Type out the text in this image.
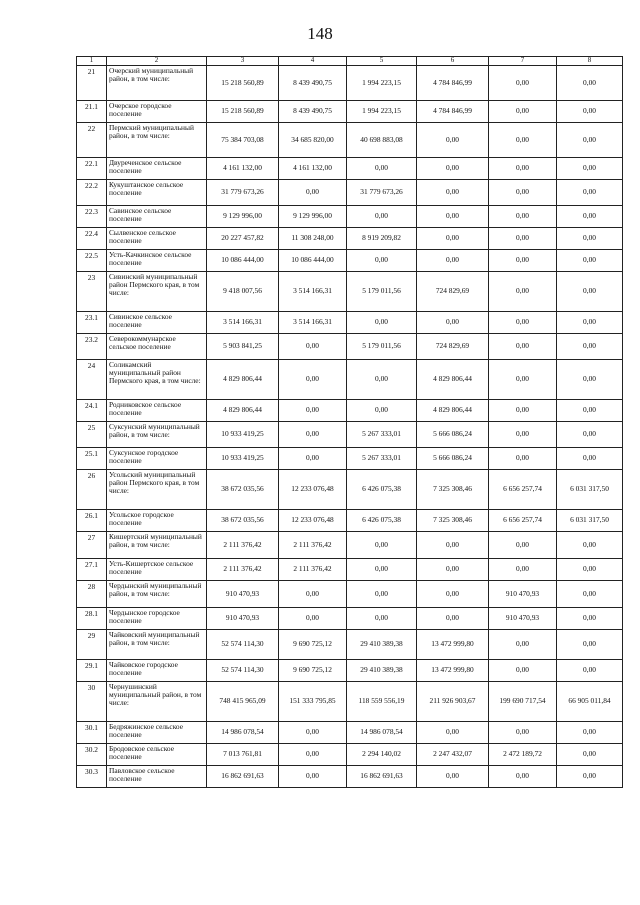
148
1	2	3	4	5	6	7	8
21	Очерский муниципальный район, в том числе:	15 218 560,89	8 439 490,75	1 994 223,15	4 784 846,99	0,00	0,00
21.1	Очерское городское поселение	15 218 560,89	8 439 490,75	1 994 223,15	4 784 846,99	0,00	0,00
22	Пермский муниципальный район, в том числе:	75 384 703,08	34 685 820,00	40 698 883,08	0,00	0,00	0,00
22.1	Двуреченское сельское поселение	4 161 132,00	4 161 132,00	0,00	0,00	0,00	0,00
22.2	Кукуштанское сельское поселение	31 779 673,26	0,00	31 779 673,26	0,00	0,00	0,00
22.3	Савинское сельское поселение	9 129 996,00	9 129 996,00	0,00	0,00	0,00	0,00
22.4	Сылвенское сельское поселение	20 227 457,82	11 308 248,00	8 919 209,82	0,00	0,00	0,00
22.5	Усть-Качкинское сельское поселение	10 086 444,00	10 086 444,00	0,00	0,00	0,00	0,00
23	Сивинский муниципальный район Пермского края, в том числе:	9 418 007,56	3 514 166,31	5 179 011,56	724 829,69	0,00	0,00
23.1	Сивинское сельское поселение	3 514 166,31	3 514 166,31	0,00	0,00	0,00	0,00
23.2	Северокоммунарское сельское поселение	5 903 841,25	0,00	5 179 011,56	724 829,69	0,00	0,00
24	Соликамский муниципальный район Пермского края, в том числе:	4 829 806,44	0,00	0,00	4 829 806,44	0,00	0,00
24.1	Родниковское сельское поселение	4 829 806,44	0,00	0,00	4 829 806,44	0,00	0,00
25	Суксунский муниципальный район, в том числе:	10 933 419,25	0,00	5 267 333,01	5 666 086,24	0,00	0,00
25.1	Суксунское городское поселение	10 933 419,25	0,00	5 267 333,01	5 666 086,24	0,00	0,00
26	Усольский муниципальный район Пермского края, в том числе:	38 672 035,56	12 233 076,48	6 426 075,38	7 325 308,46	6 656 257,74	6 031 317,50
26.1	Усольское городское поселение	38 672 035,56	12 233 076,48	6 426 075,38	7 325 308,46	6 656 257,74	6 031 317,50
27	Кишертский муниципальный район, в том числе:	2 111 376,42	2 111 376,42	0,00	0,00	0,00	0,00
27.1	Усть-Кишертское сельское поселение	2 111 376,42	2 111 376,42	0,00	0,00	0,00	0,00
28	Чердынский муниципальный район, в том числе:	910 470,93	0,00	0,00	0,00	910 470,93	0,00
28.1	Чердынское городское поселение	910 470,93	0,00	0,00	0,00	910 470,93	0,00
29	Чайковский муниципальный район, в том числе:	52 574 114,30	9 690 725,12	29 410 389,38	13 472 999,80	0,00	0,00
29.1	Чайковское городское поселение	52 574 114,30	9 690 725,12	29 410 389,38	13 472 999,80	0,00	0,00
30	Чернушинский муниципальный район, в том числе:	748 415 965,09	151 333 795,85	118 559 556,19	211 926 903,67	199 690 717,54	66 905 011,84
30.1	Бедряжинское сельское поселение	14 986 078,54	0,00	14 986 078,54	0,00	0,00	0,00
30.2	Бродовское сельское поселение	7 013 761,81	0,00	2 294 140,02	2 247 432,07	2 472 189,72	0,00
30.3	Павловское сельское поселение	16 862 691,63	0,00	16 862 691,63	0,00	0,00	0,00
